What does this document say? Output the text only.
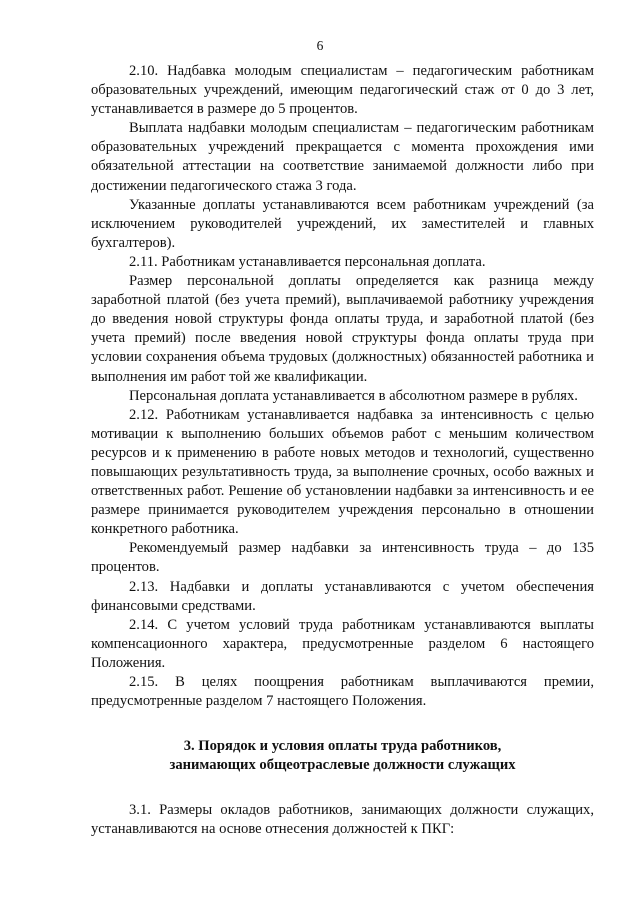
6

2.10. Надбавка молодым специалистам – педагогическим работникам образовательных учреждений, имеющим педагогический стаж от 0 до 3 лет, устанавливается в размере до 5 процентов.

Выплата надбавки молодым специалистам – педагогическим работникам образовательных учреждений прекращается с момента прохождения ими обязательной аттестации на соответствие занимаемой должности либо при достижении педагогического стажа 3 года.

Указанные доплаты устанавливаются всем работникам учреждений (за исключением руководителей учреждений, их заместителей и главных бухгалтеров).

2.11. Работникам устанавливается персональная доплата.

Размер персональной доплаты определяется как разница между заработной платой (без учета премий), выплачиваемой работнику учреждения до введения новой структуры фонда оплаты труда, и заработной платой (без учета премий) после введения новой структуры фонда оплаты труда при условии сохранения объема трудовых (должностных) обязанностей работника и выполнения им работ той же квалификации.

Персональная доплата устанавливается в абсолютном размере в рублях.

2.12. Работникам устанавливается надбавка за интенсивность с целью мотивации к выполнению больших объемов работ с меньшим количеством ресурсов и к применению в работе новых методов и технологий, существенно повышающих результативность труда, за выполнение срочных, особо важных и ответственных работ. Решение об установлении надбавки за интенсивность и ее размере принимается руководителем учреждения персонально в отношении конкретного работника.

Рекомендуемый размер надбавки за интенсивность труда – до 135 процентов.

2.13. Надбавки и доплаты устанавливаются с учетом обеспечения финансовыми средствами.

2.14. С учетом условий труда работникам устанавливаются выплаты компенсационного характера, предусмотренные разделом 6 настоящего Положения.

2.15. В целях поощрения работникам выплачиваются премии, предусмотренные разделом 7 настоящего Положения.

3. Порядок и условия оплаты труда работников,
занимающих общеотраслевые должности служащих

3.1. Размеры окладов работников, занимающих должности служащих, устанавливаются на основе отнесения должностей к ПКГ:
